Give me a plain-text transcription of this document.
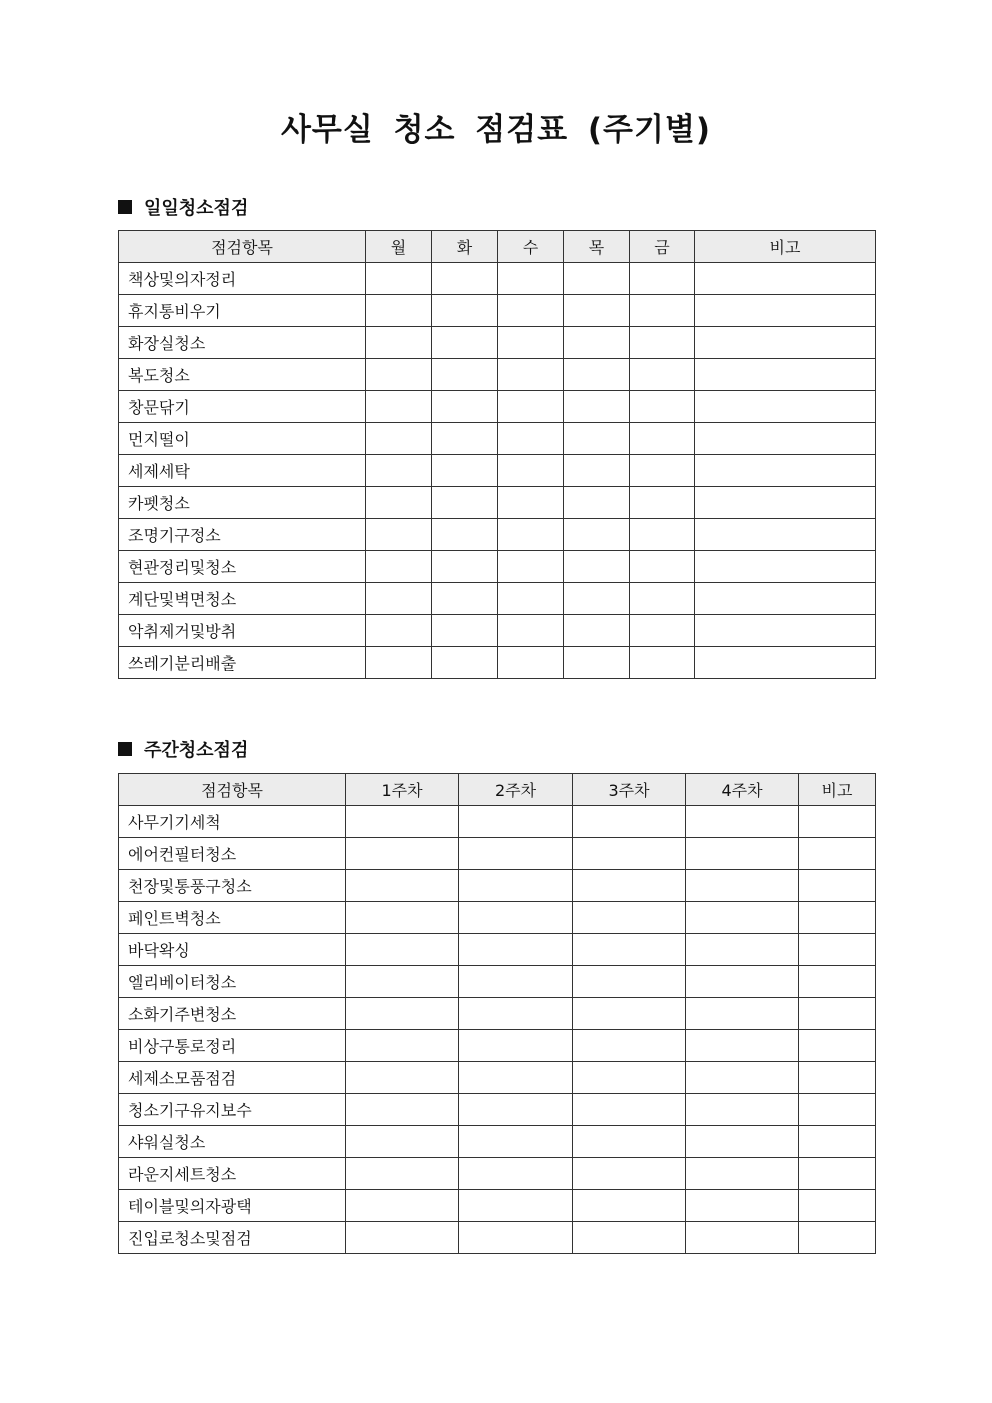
사무실 청소 점검표 (주기별)
일일청소점검
점검항목	월	화	수	목	금	비고
책상및의자정리						
휴지통비우기						
화장실청소						
복도청소						
창문닦기						
먼지떨이						
세제세탁						
카펫청소						
조명기구정소						
현관정리및청소						
계단및벽면청소						
악취제거및방취						
쓰레기분리배출						
주간청소점검
점검항목	1주차	2주차	3주차	4주차	비고
사무기기세척					
에어컨필터청소					
천장및통풍구청소					
페인트벽청소					
바닥왁싱					
엘리베이터청소					
소화기주변청소					
비상구통로정리					
세제소모품점검					
청소기구유지보수					
샤워실청소					
라운지세트청소					
테이블및의자광택					
진입로청소및점검					
